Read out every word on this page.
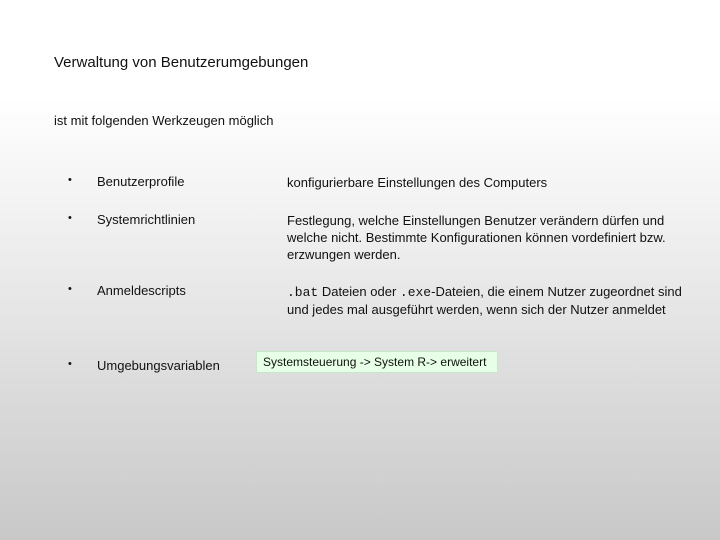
Verwaltung von Benutzerumgebungen
ist mit folgenden Werkzeugen möglich
• Benutzerprofile	konfigurierbare Einstellungen des Computers
• Systemrichtlinien	Festlegung, welche Einstellungen Benutzer verändern dürfen und welche nicht. Bestimmte Konfigurationen können vordefiniert bzw. erzwungen werden.
• Anmeldescripts	.bat Dateien oder .exe-Dateien, die einem Nutzer zugeordnet sind und jedes mal ausgeführt werden, wenn sich der Nutzer anmeldet
• Umgebungsvariablen	Systemsteuerung -> System R-> erweitert
